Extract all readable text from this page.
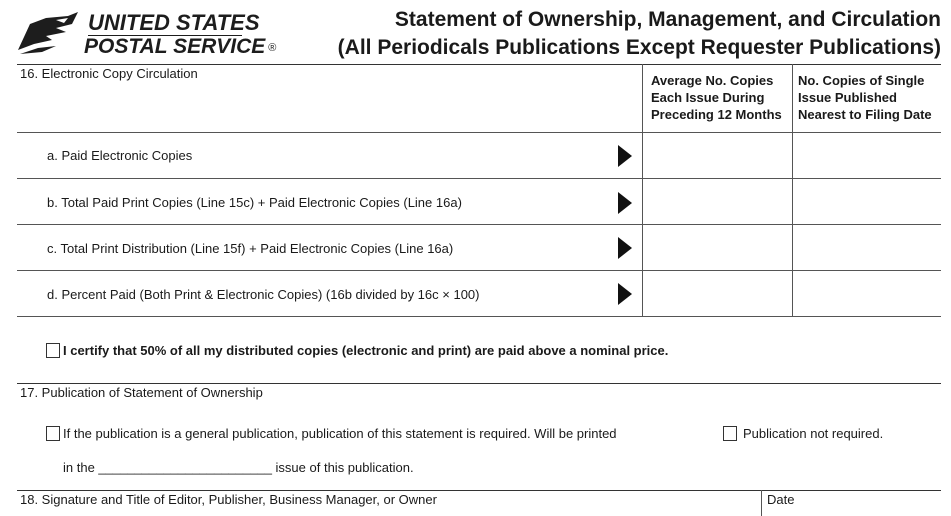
UNITED STATES
POSTAL SERVICE ®
Statement of Ownership, Management, and Circulation
(All Periodicals Publications Except Requester Publications)
16. Electronic Copy Circulation	Average No. Copies
Each Issue During
Preceding 12 Months
No. Copies of Single
Issue Published
Nearest to Filing Date
a. Paid Electronic Copies
b. Total Paid Print Copies (Line 15c) + Paid Electronic Copies (Line 16a)
c. Total Print Distribution (Line 15f) + Paid Electronic Copies (Line 16a)
d. Percent Paid (Both Print & Electronic Copies) (16b divided by 16c × 100)
I certify that 50% of all my distributed copies (electronic and print) are paid above a nominal price.
17. Publication of Statement of Ownership
If the publication is a general publication, publication of this statement is required. Will be printed
in the ________________________ issue of this publication.
Publication not required.
18. Signature and Title of Editor, Publisher, Business Manager, or Owner	Date
